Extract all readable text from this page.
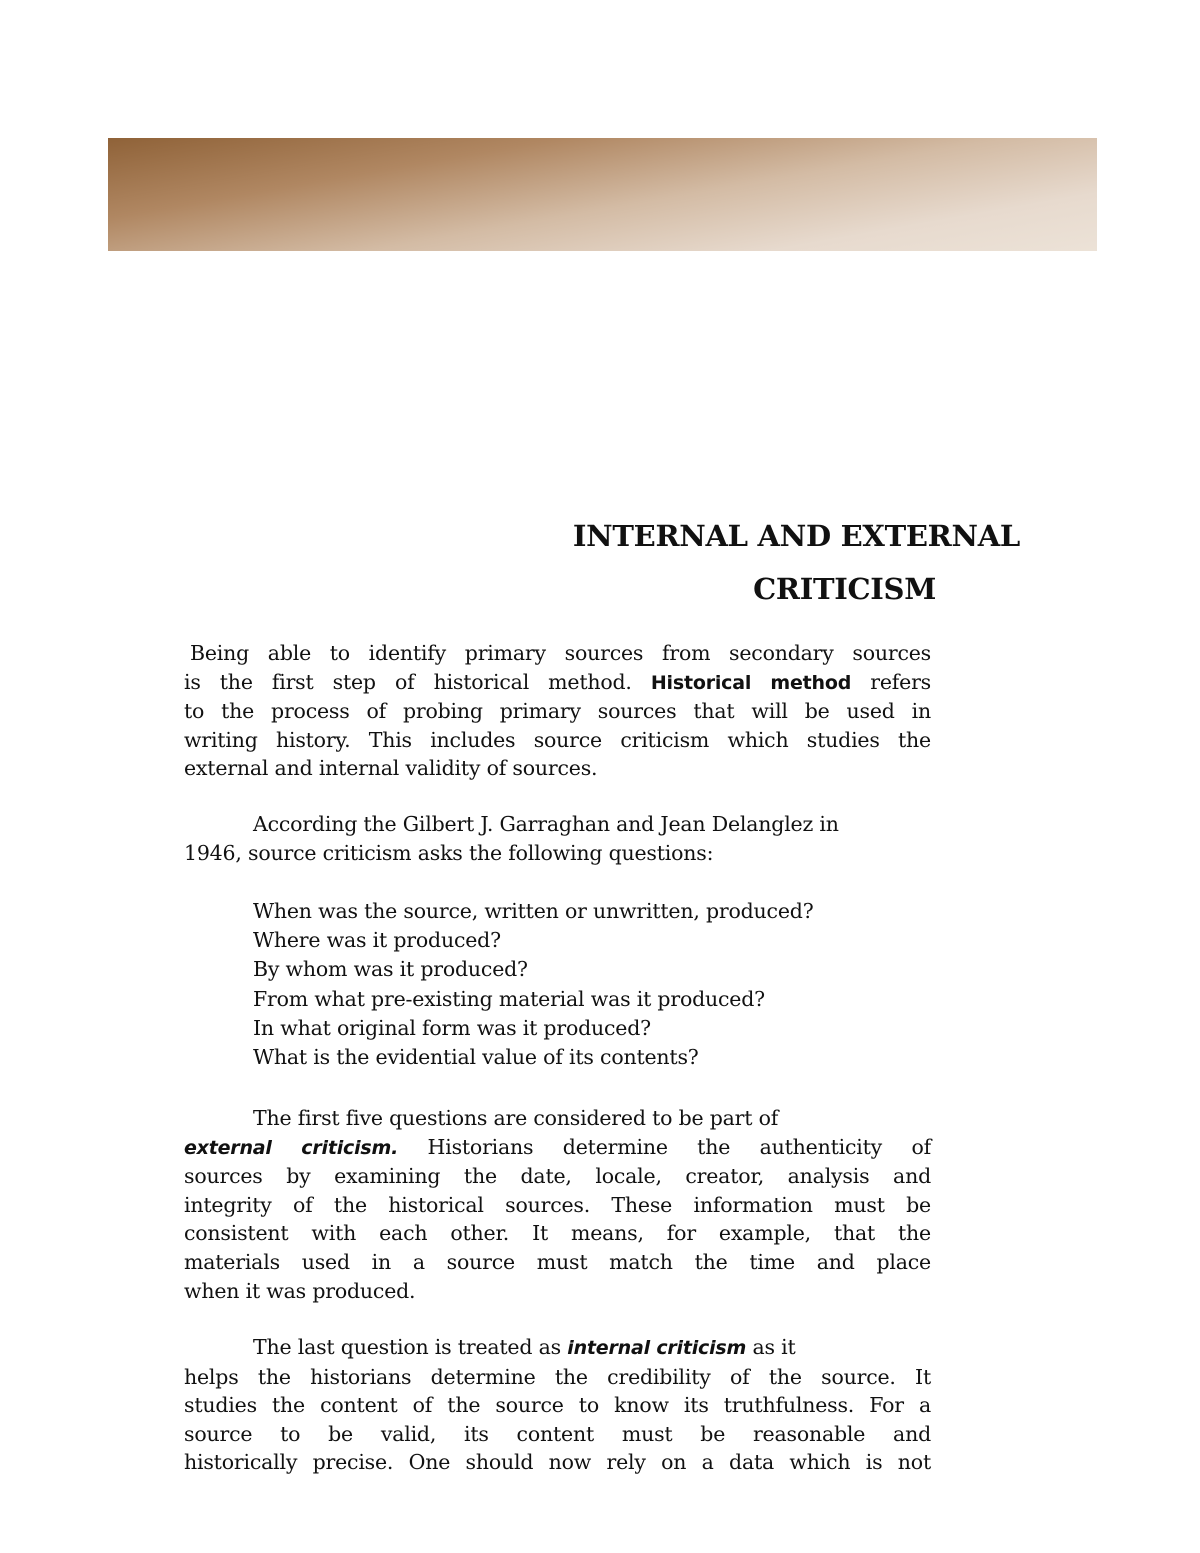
INTERNAL AND EXTERNAL
CRITICISM
Being able to identify primary sources from secondary sources
is the first step of historical method. Historical method refers
to the process of probing primary sources that will be used in
writing history. This includes source criticism which studies the
external and internal validity of sources.
According the Gilbert J. Garraghan and Jean Delanglez in
1946, source criticism asks the following questions:
When was the source, written or unwritten, produced?
Where was it produced?
By whom was it produced?
From what pre-existing material was it produced?
In what original form was it produced?
What is the evidential value of its contents?
The first five questions are considered to be part of
external criticism. Historians determine the authenticity of
sources by examining the date, locale, creator, analysis and
integrity of the historical sources. These information must be
consistent with each other. It means, for example, that the
materials used in a source must match the time and place
when it was produced.
The last question is treated as internal criticism as it
helps the historians determine the credibility of the source. It
studies the content of the source to know its truthfulness. For a
source to be valid, its content must be reasonable and
historically precise. One should now rely on a data which is not
